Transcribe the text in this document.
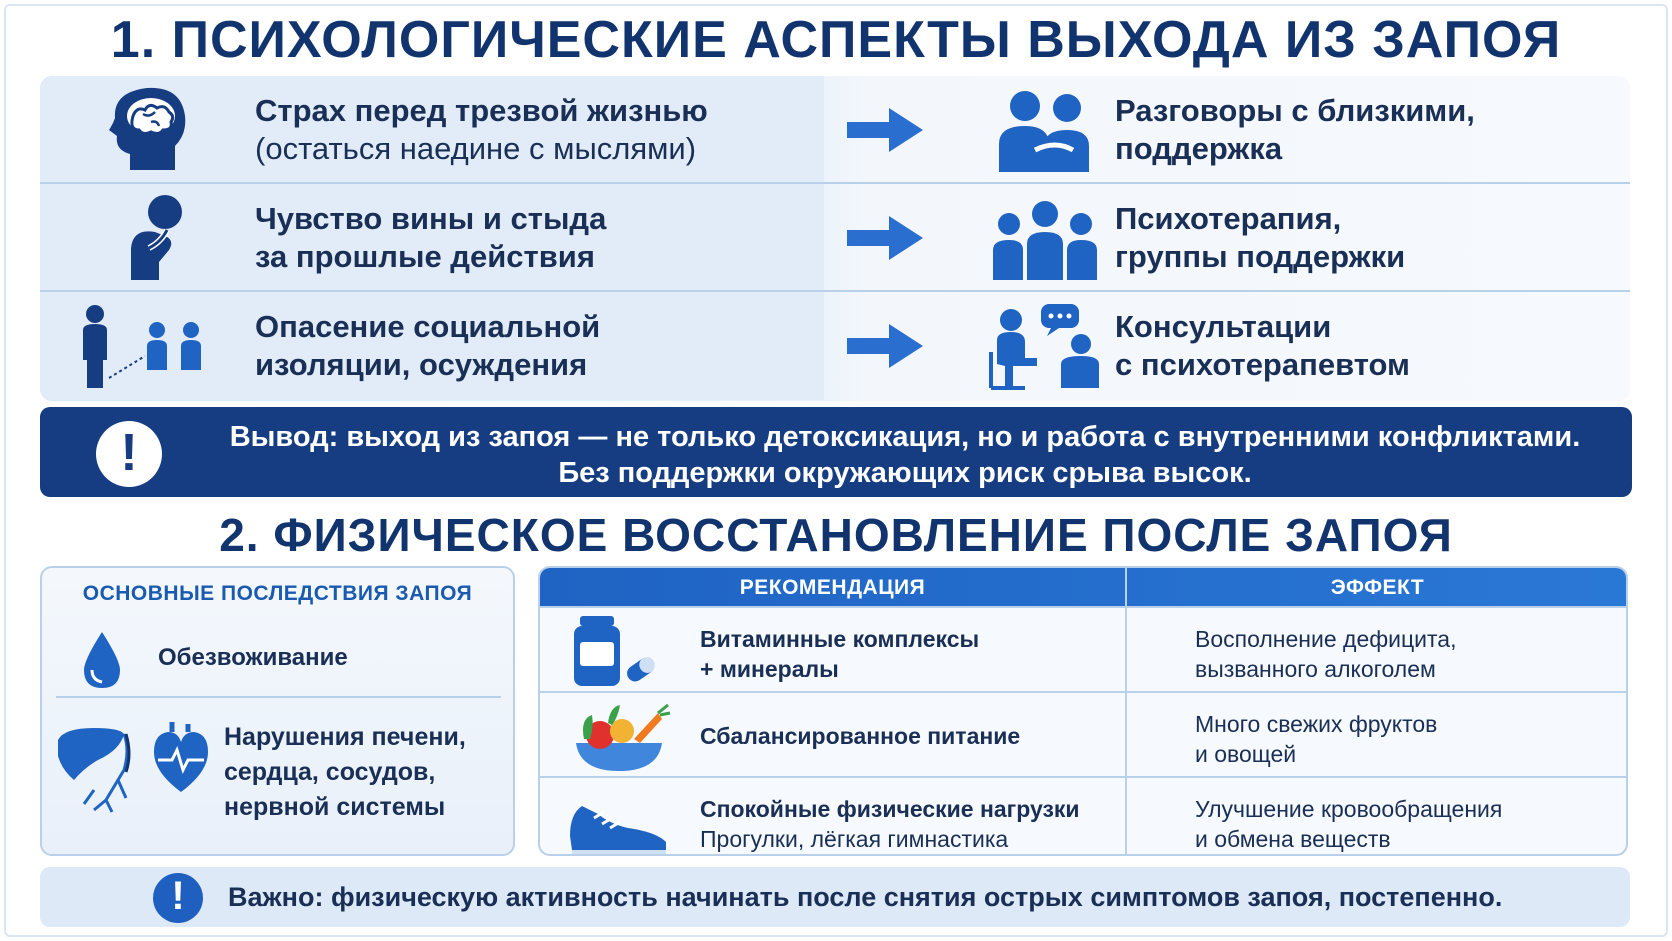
1. ПСИХОЛОГИЧЕСКИЕ АСПЕКТЫ ВЫХОДА ИЗ ЗАПОЯ
Страх перед трезвой жизнью
(остаться наедине с мыслями)
Разговоры с близкими,
поддержка
Чувство вины и стыда
за прошлые действия
Психотерапия,
группы поддержки
Опасение социальной
изоляции, осуждения
Консультации
с психотерапевтом
!
Вывод: выход из запоя — не только детоксикация, но и работа с внутренними конфликтами.
Без поддержки окружающих риск срыва высок.
2. ФИЗИЧЕСКОЕ ВОССТАНОВЛЕНИЕ ПОСЛЕ ЗАПОЯ
ОСНОВНЫЕ ПОСЛЕДСТВИЯ ЗАПОЯ
Обезвоживание
Нарушения печени,
сердца, сосудов,
нервной системы
РЕКОМЕНДАЦИЯ	ЭФФЕКТ
Витаминные комплексы
+ минералы
Восполнение дефицита,
вызванного алкоголем
Сбалансированное питание	Много свежих фруктов
и овощей
Спокойные физические нагрузки
Прогулки, лёгкая гимнастика
Улучшение кровообращения
и обмена веществ
!
Важно: физическую активность начинать после снятия острых симптомов запоя, постепенно.
